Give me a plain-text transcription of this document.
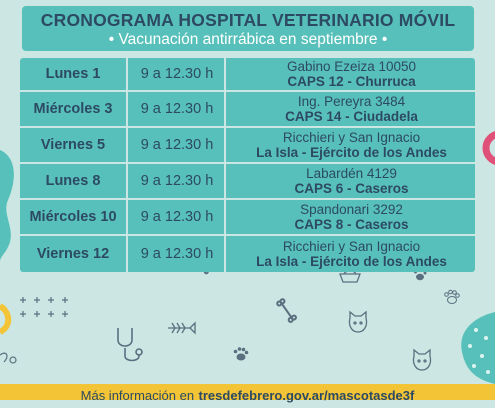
CRONOGRAMA HOSPITAL VETERINARIO MÓVIL
• Vacunación antirrábica en septiembre •
Lunes 1	9 a 12.30 h	Gabino Ezeiza 10050
CAPS 12 - Churruca
Miércoles 3	9 a 12.30 h	Ing. Pereyra 3484
CAPS 14 - Ciudadela
Viernes 5	9 a 12.30 h	Ricchieri y San Ignacio
La Isla - Ejército de los Andes
Lunes 8	9 a 12.30 h	Labardén 4129
CAPS 6 - Caseros
Miércoles 10	9 a 12.30 h	Spandonari 3292
CAPS 8 - Caseros
Viernes 12	9 a 12.30 h	Ricchieri y San Ignacio
La Isla - Ejército de los Andes
Más información en tresdefebrero.gov.ar/mascotasde3f
